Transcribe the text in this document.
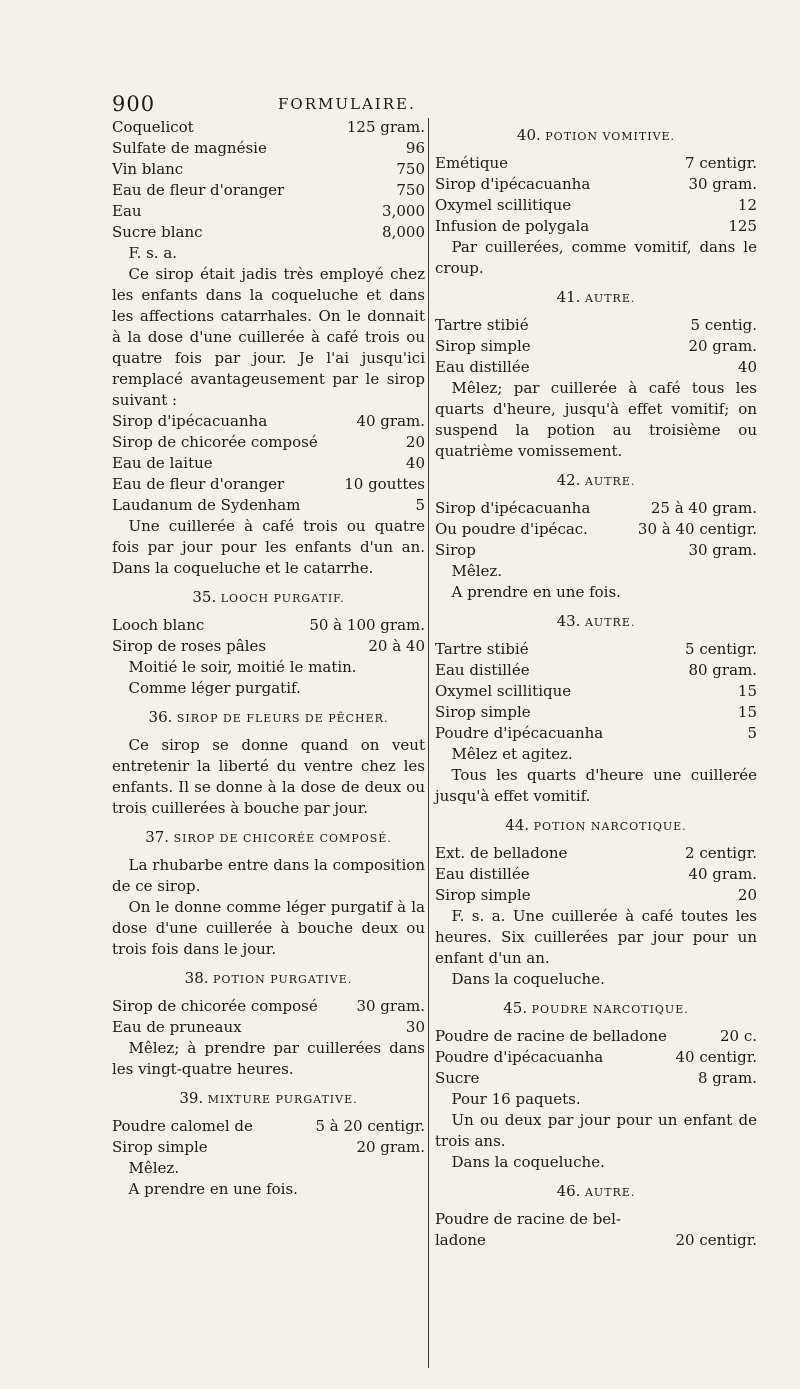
900	FORMULAIRE.
Coquelicot	125 gram.
Sulfate de magnésie	96
Vin blanc	750
Eau de fleur d'oranger	750
Eau	3,000
Sucre blanc	8,000
F. s. a.
Ce sirop était jadis très employé chez les enfants dans la coqueluche et dans les affections catarrhales. On le donnait à la dose d'une cuillerée à café trois ou quatre fois par jour. Je l'ai jusqu'ici remplacé avantageusement par le sirop suivant :
Sirop d'ipécacuanha	40 gram.
Sirop de chicorée composé	20
Eau de laitue	40
Eau de fleur d'oranger	10 gouttes
Laudanum de Sydenham	5
Une cuillerée à café trois ou quatre fois par jour pour les enfants d'un an. Dans la coqueluche et le catarrhe.
35. LOOCH PURGATIF.
Looch blanc	50 à 100 gram.
Sirop de roses pâles	20 à 40
Moitié le soir, moitié le matin.
Comme léger purgatif.
36. SIROP DE FLEURS DE PÊCHER.
Ce sirop se donne quand on veut entretenir la liberté du ventre chez les enfants. Il se donne à la dose de deux ou trois cuillerées à bouche par jour.
37. SIROP DE CHICORÉE COMPOSÉ.
La rhubarbe entre dans la composition de ce sirop.
On le donne comme léger purgatif à la dose d'une cuillerée à bouche deux ou trois fois dans le jour.
38. POTION PURGATIVE.
Sirop de chicorée composé	30 gram.
Eau de pruneaux	30
Mêlez; à prendre par cuillerées dans les vingt-quatre heures.
39. MIXTURE PURGATIVE.
Poudre calomel de	5 à 20 centigr.
Sirop simple	20 gram.
Mêlez.
A prendre en une fois.
40. POTION VOMITIVE.
Emétique	7 centigr.
Sirop d'ipécacuanha	30 gram.
Oxymel scillitique	12
Infusion de polygala	125
Par cuillerées, comme vomitif, dans le croup.
41. AUTRE.
Tartre stibié	5 centig.
Sirop simple	20 gram.
Eau distillée	40
Mêlez; par cuillerée à café tous les quarts d'heure, jusqu'à effet vomitif; on suspend la potion au troisième ou quatrième vomissement.
42. AUTRE.
Sirop d'ipécacuanha	25 à 40 gram.
Ou poudre d'ipécac.	30 à 40 centigr.
Sirop	30 gram.
Mêlez.
A prendre en une fois.
43. AUTRE.
Tartre stibié	5 centigr.
Eau distillée	80 gram.
Oxymel scillitique	15
Sirop simple	15
Poudre d'ipécacuanha	5
Mêlez et agitez.
Tous les quarts d'heure une cuillerée jusqu'à effet vomitif.
44. POTION NARCOTIQUE.
Ext. de belladone	2 centigr.
Eau distillée	40 gram.
Sirop simple	20
F. s. a. Une cuillerée à café toutes les heures. Six cuillerées par jour pour un enfant d'un an.
Dans la coqueluche.
45. POUDRE NARCOTIQUE.
Poudre de racine de belladone	20 c.
Poudre d'ipécacuanha	40 centigr.
Sucre	8 gram.
Pour 16 paquets.
Un ou deux par jour pour un enfant de trois ans.
Dans la coqueluche.
46. AUTRE.
Poudre de racine de bel-
ladone	20 centigr.
